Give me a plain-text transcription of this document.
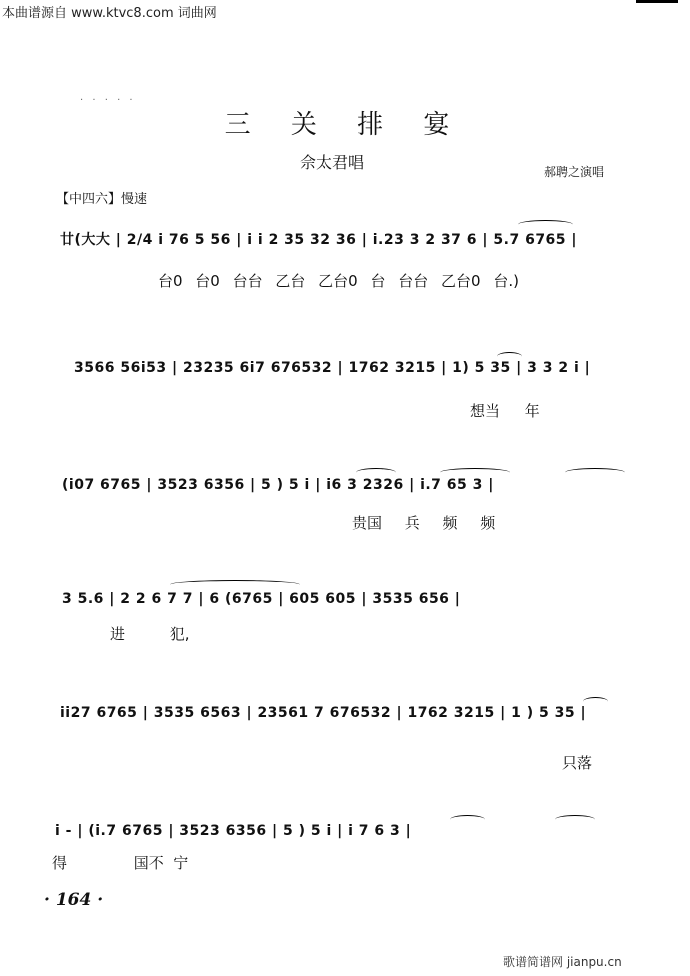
本曲谱源自 www.ktvc8.com 词曲网
· · · · ·
三 关 排 宴
佘太君唱	郝聘之演唱
【中四六】慢速
廿(大大 | 2/4 i 76 5 56 | i i 2 35 32 36 | i.23 3 2 37 6 | 5.7 6765 |
台0 台0 台台 乙台 乙台0 台 台台 乙台0 台.)
3566 56i53 | 23235 6i7 676532 | 1762 3215 | 1) 5 35 | 3 3 2 i |
想当 年
(i07 6765 | 3523 6356 | 5 ) 5 i | i6 3 2326 | i.7 65 3 |
贵国 兵 频 频
3 5.6 | 2 2 6 7 7 | 6 (6765 | 605 605 | 3535 656 |
进 犯,
ii27 6765 | 3535 6563 | 23561 7 676532 | 1762 3215 | 1 ) 5 35 |
只落
i - | (i.7 6765 | 3523 6356 | 5 ) 5 i | i 7 6 3 |
得              国不  宁
· 164 ·
歌谱简谱网 jianpu.cn
